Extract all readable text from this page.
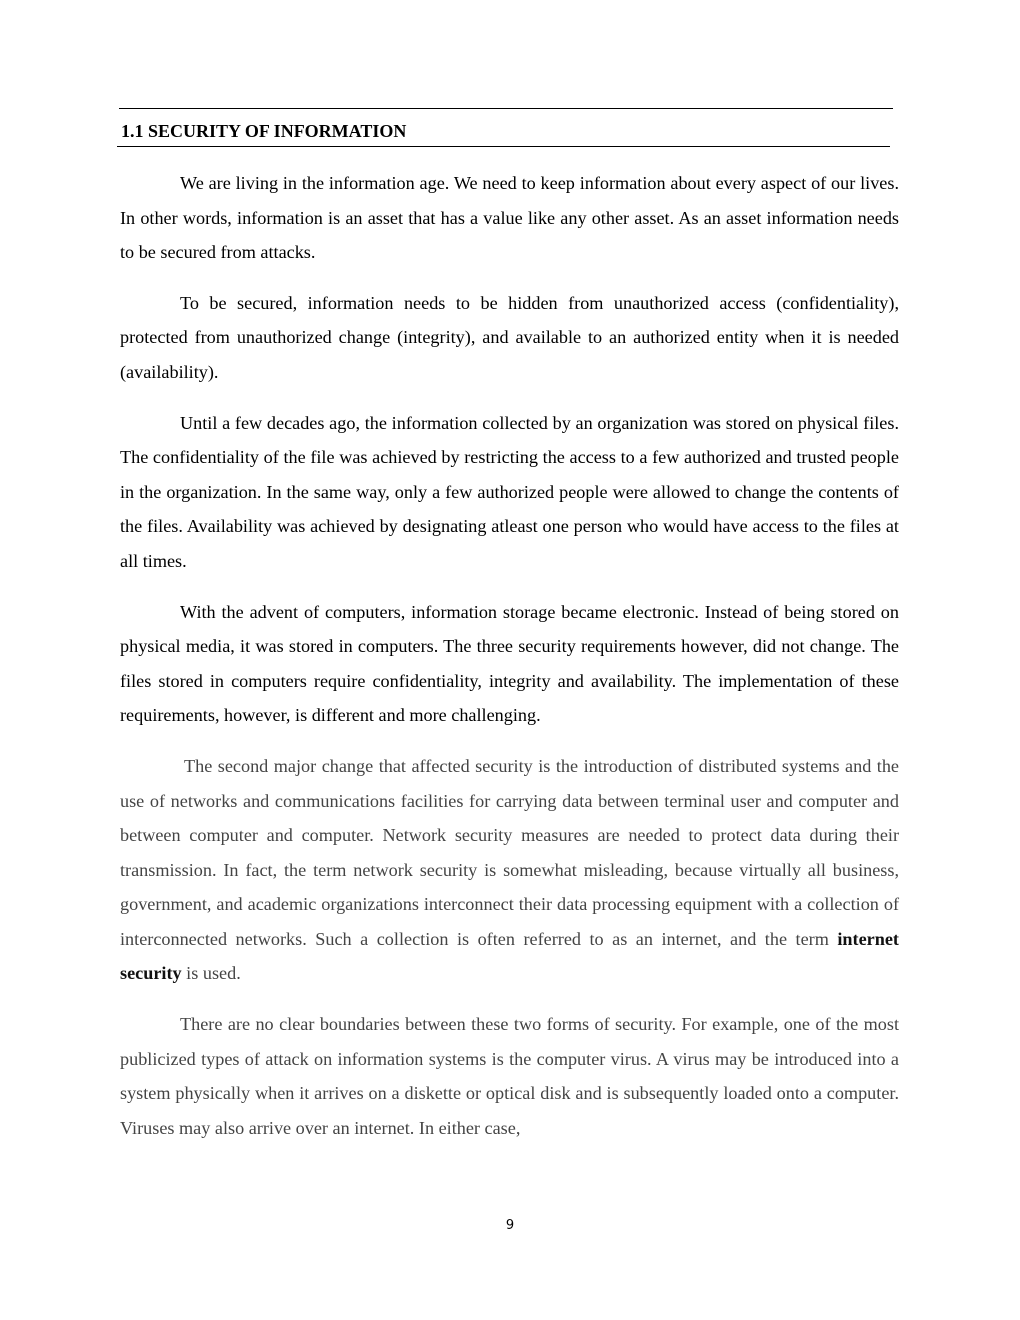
1.1 SECURITY OF INFORMATION

We are living in the information age. We need to keep information about every aspect of our lives. In other words, information is an asset that has a value like any other asset. As an asset information needs to be secured from attacks.

To be secured, information needs to be hidden from unauthorized access (confidentiality), protected from unauthorized change (integrity), and available to an authorized entity when it is needed (availability).

Until a few decades ago, the information collected by an organization was stored on physical files. The confidentiality of the file was achieved by restricting the access to a few authorized and trusted people in the organization. In the same way, only a few authorized people were allowed to change the contents of the files. Availability was achieved by designating atleast one person who would have access to the files at all times.

With the advent of computers, information storage became electronic. Instead of being stored on physical media, it was stored in computers. The three security requirements however, did not change. The files stored in computers require confidentiality, integrity and availability. The implementation of these requirements, however, is different and more challenging.

The second major change that affected security is the introduction of distributed systems and the use of networks and communications facilities for carrying data between terminal user and computer and between computer and computer. Network security measures are needed to protect data during their transmission. In fact, the term network security is somewhat misleading, because virtually all business, government, and academic organizations interconnect their data processing equipment with a collection of interconnected networks. Such a collection is often referred to as an internet, and the term internet security is used.

There are no clear boundaries between these two forms of security. For example, one of the most publicized types of attack on information systems is the computer virus. A virus may be introduced into a system physically when it arrives on a diskette or optical disk and is subsequently loaded onto a computer. Viruses may also arrive over an internet. In either case,

9
